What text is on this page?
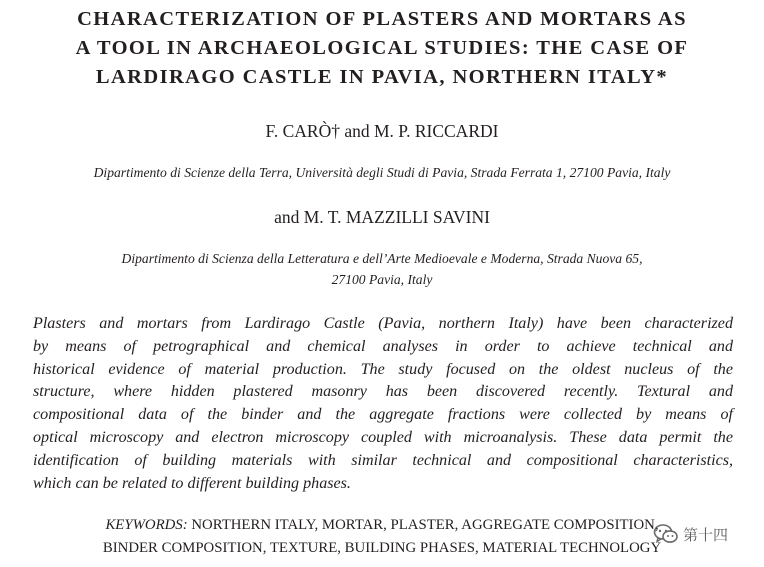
CHARACTERIZATION OF PLASTERS AND MORTARS AS
A TOOL IN ARCHAEOLOGICAL STUDIES: THE CASE OF
LARDIRAGO CASTLE IN PAVIA, NORTHERN ITALY*
F. CARÒ† and M. P. RICCARDI
Dipartimento di Scienze della Terra, Università degli Studi di Pavia, Strada Ferrata 1, 27100 Pavia, Italy
and M. T. MAZZILLI SAVINI
Dipartimento di Scienza della Letteratura e dell’Arte Medioevale e Moderna, Strada Nuova 65,
27100 Pavia, Italy
Plasters and mortars from Lardirago Castle (Pavia, northern Italy) have been characterized
by means of petrographical and chemical analyses in order to achieve technical and
historical evidence of material production. The study focused on the oldest nucleus of the
structure, where hidden plastered masonry has been discovered recently. Textural and
compositional data of the binder and the aggregate fractions were collected by means of
optical microscopy and electron microscopy coupled with microanalysis. These data permit the
identification of building materials with similar technical and compositional characteristics,
which can be related to different building phases.
KEYWORDS: NORTHERN ITALY, MORTAR, PLASTER, AGGREGATE COMPOSITION,
BINDER COMPOSITION, TEXTURE, BUILDING PHASES, MATERIAL TECHNOLOGY
第十四
